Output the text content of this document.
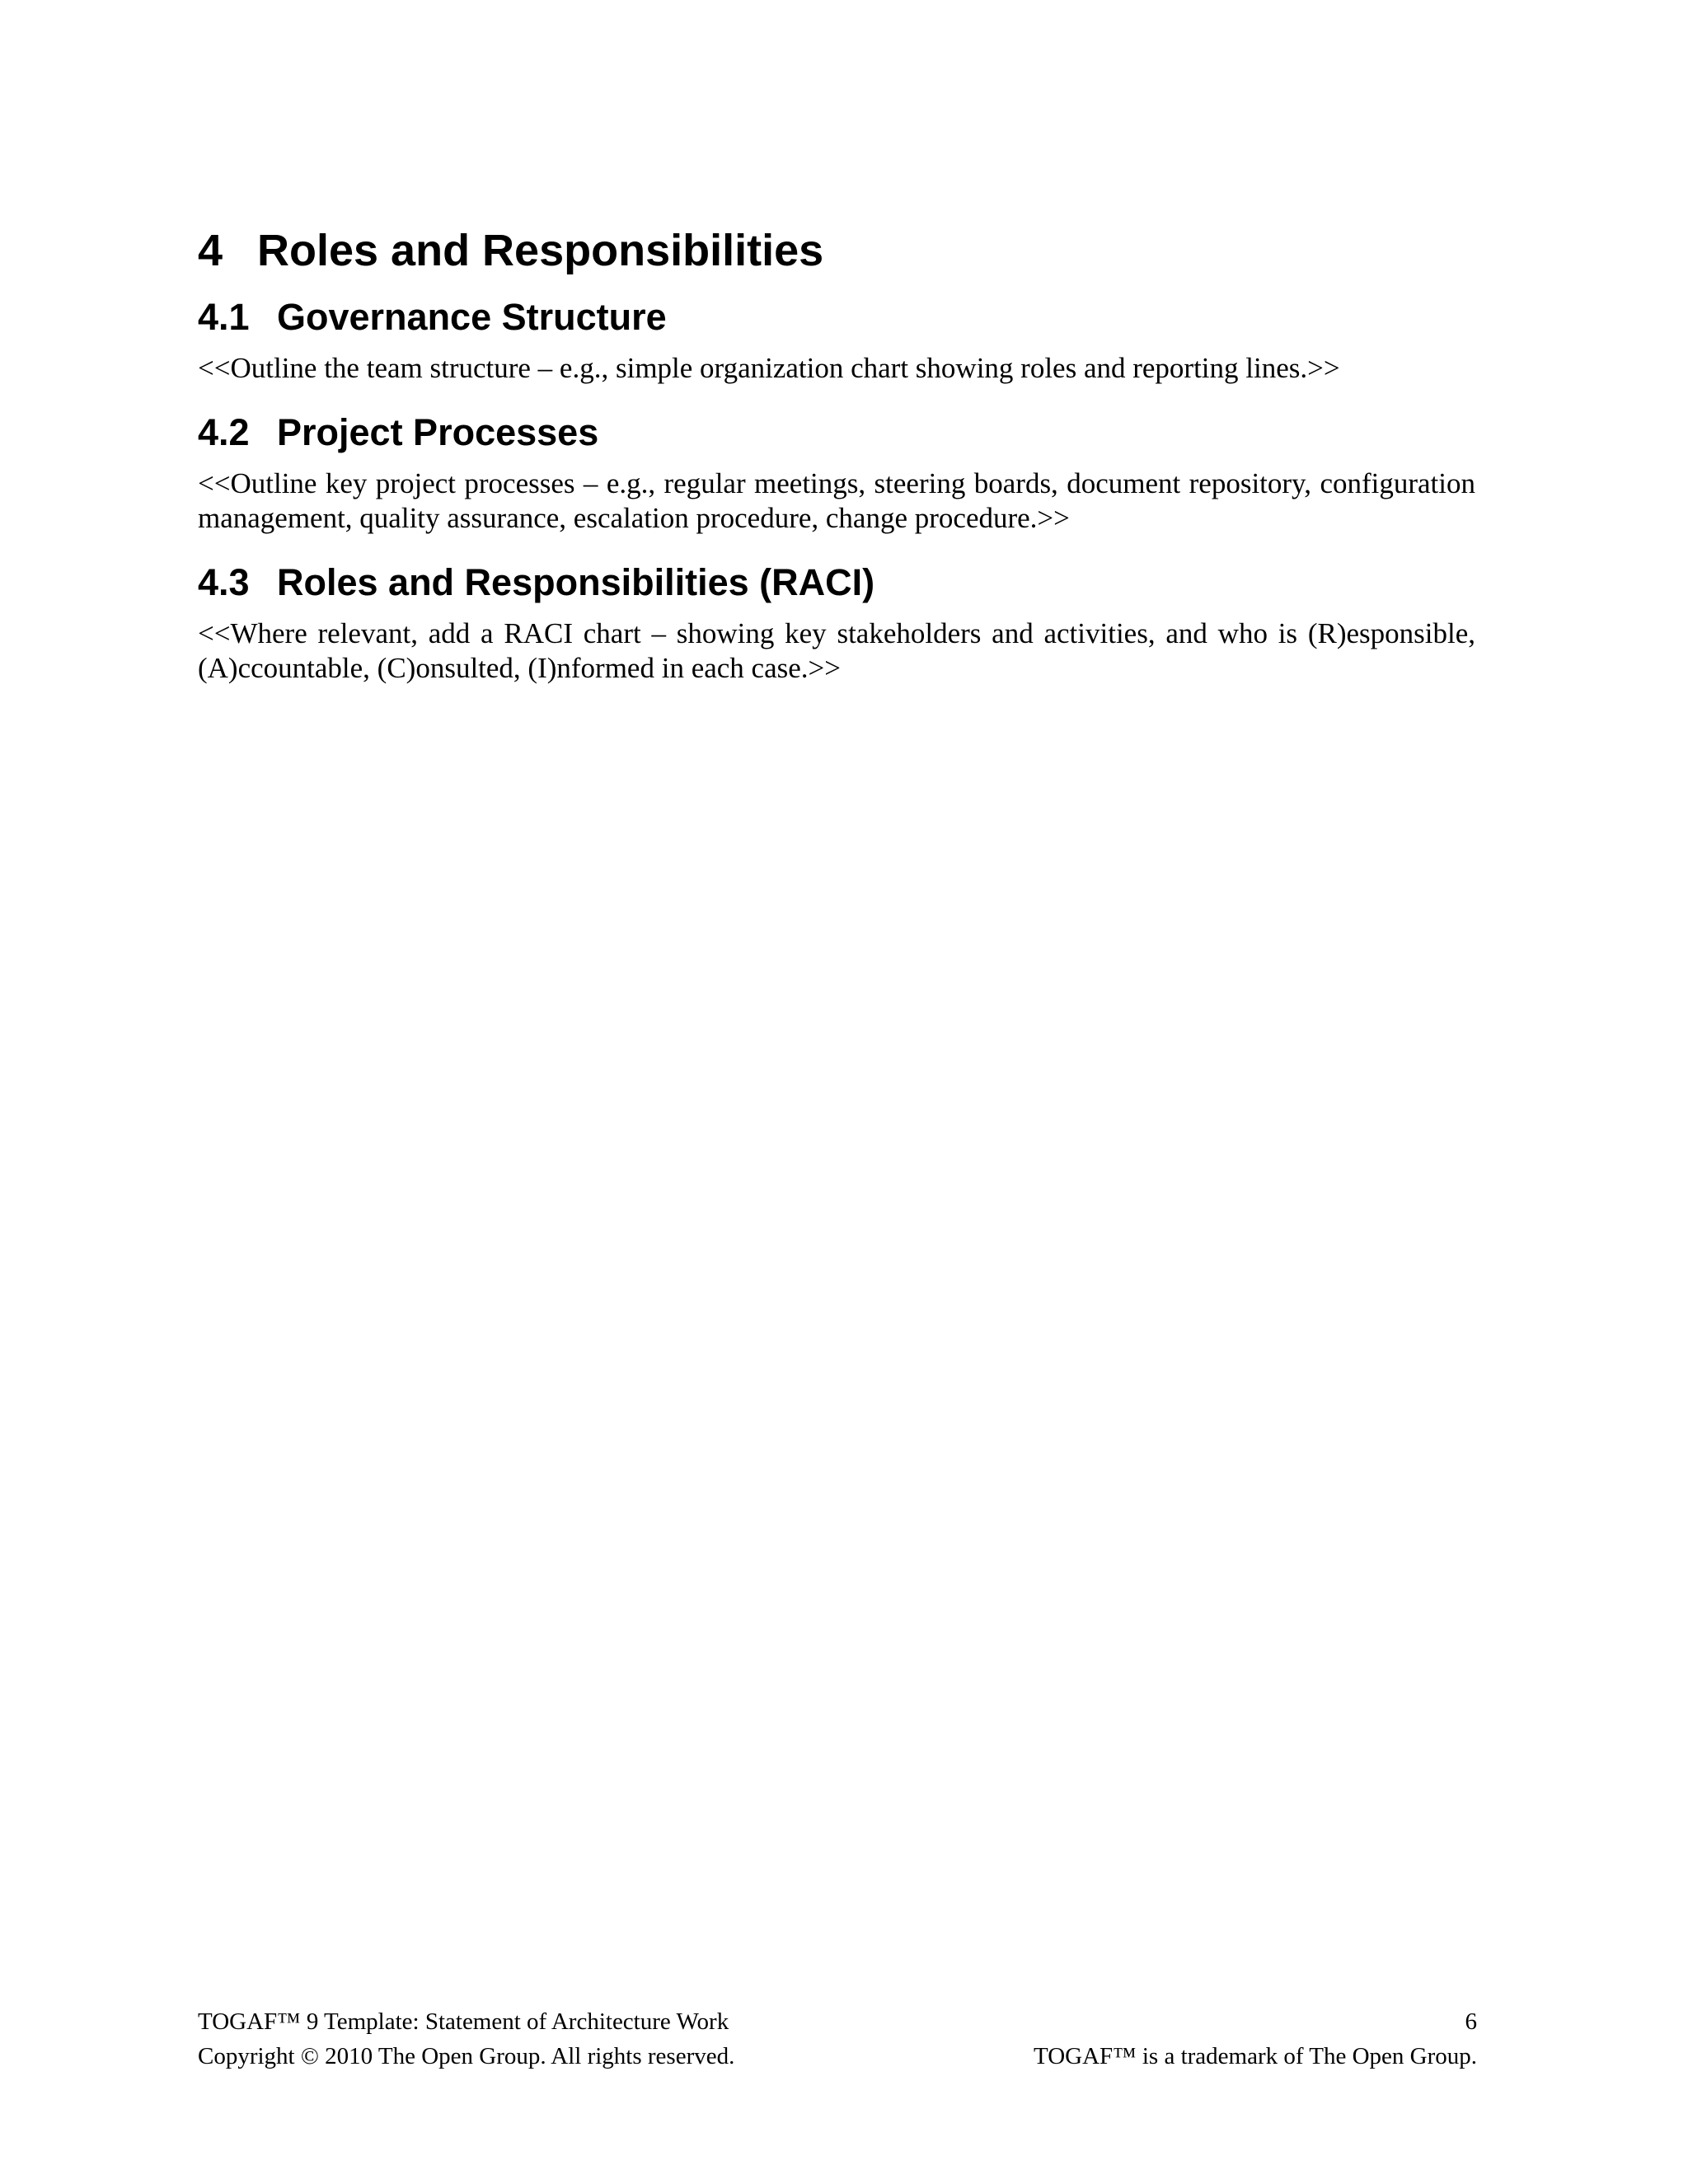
4 Roles and Responsibilities
4.1 Governance Structure

<<Outline the team structure – e.g., simple organization chart showing roles and reporting lines.>>

4.2 Project Processes

<<Outline key project processes – e.g., regular meetings, steering boards, document repository, configuration management, quality assurance, escalation procedure, change procedure.>>

4.3 Roles and Responsibilities (RACI)

<<Where relevant, add a RACI chart – showing key stakeholders and activities, and who is (R)esponsible, (A)ccountable, (C)onsulted, (I)nformed in each case.>>

TOGAF™ 9 Template: Statement of Architecture Work	6
Copyright © 2010 The Open Group. All rights reserved.	TOGAF™ is a trademark of The Open Group.
